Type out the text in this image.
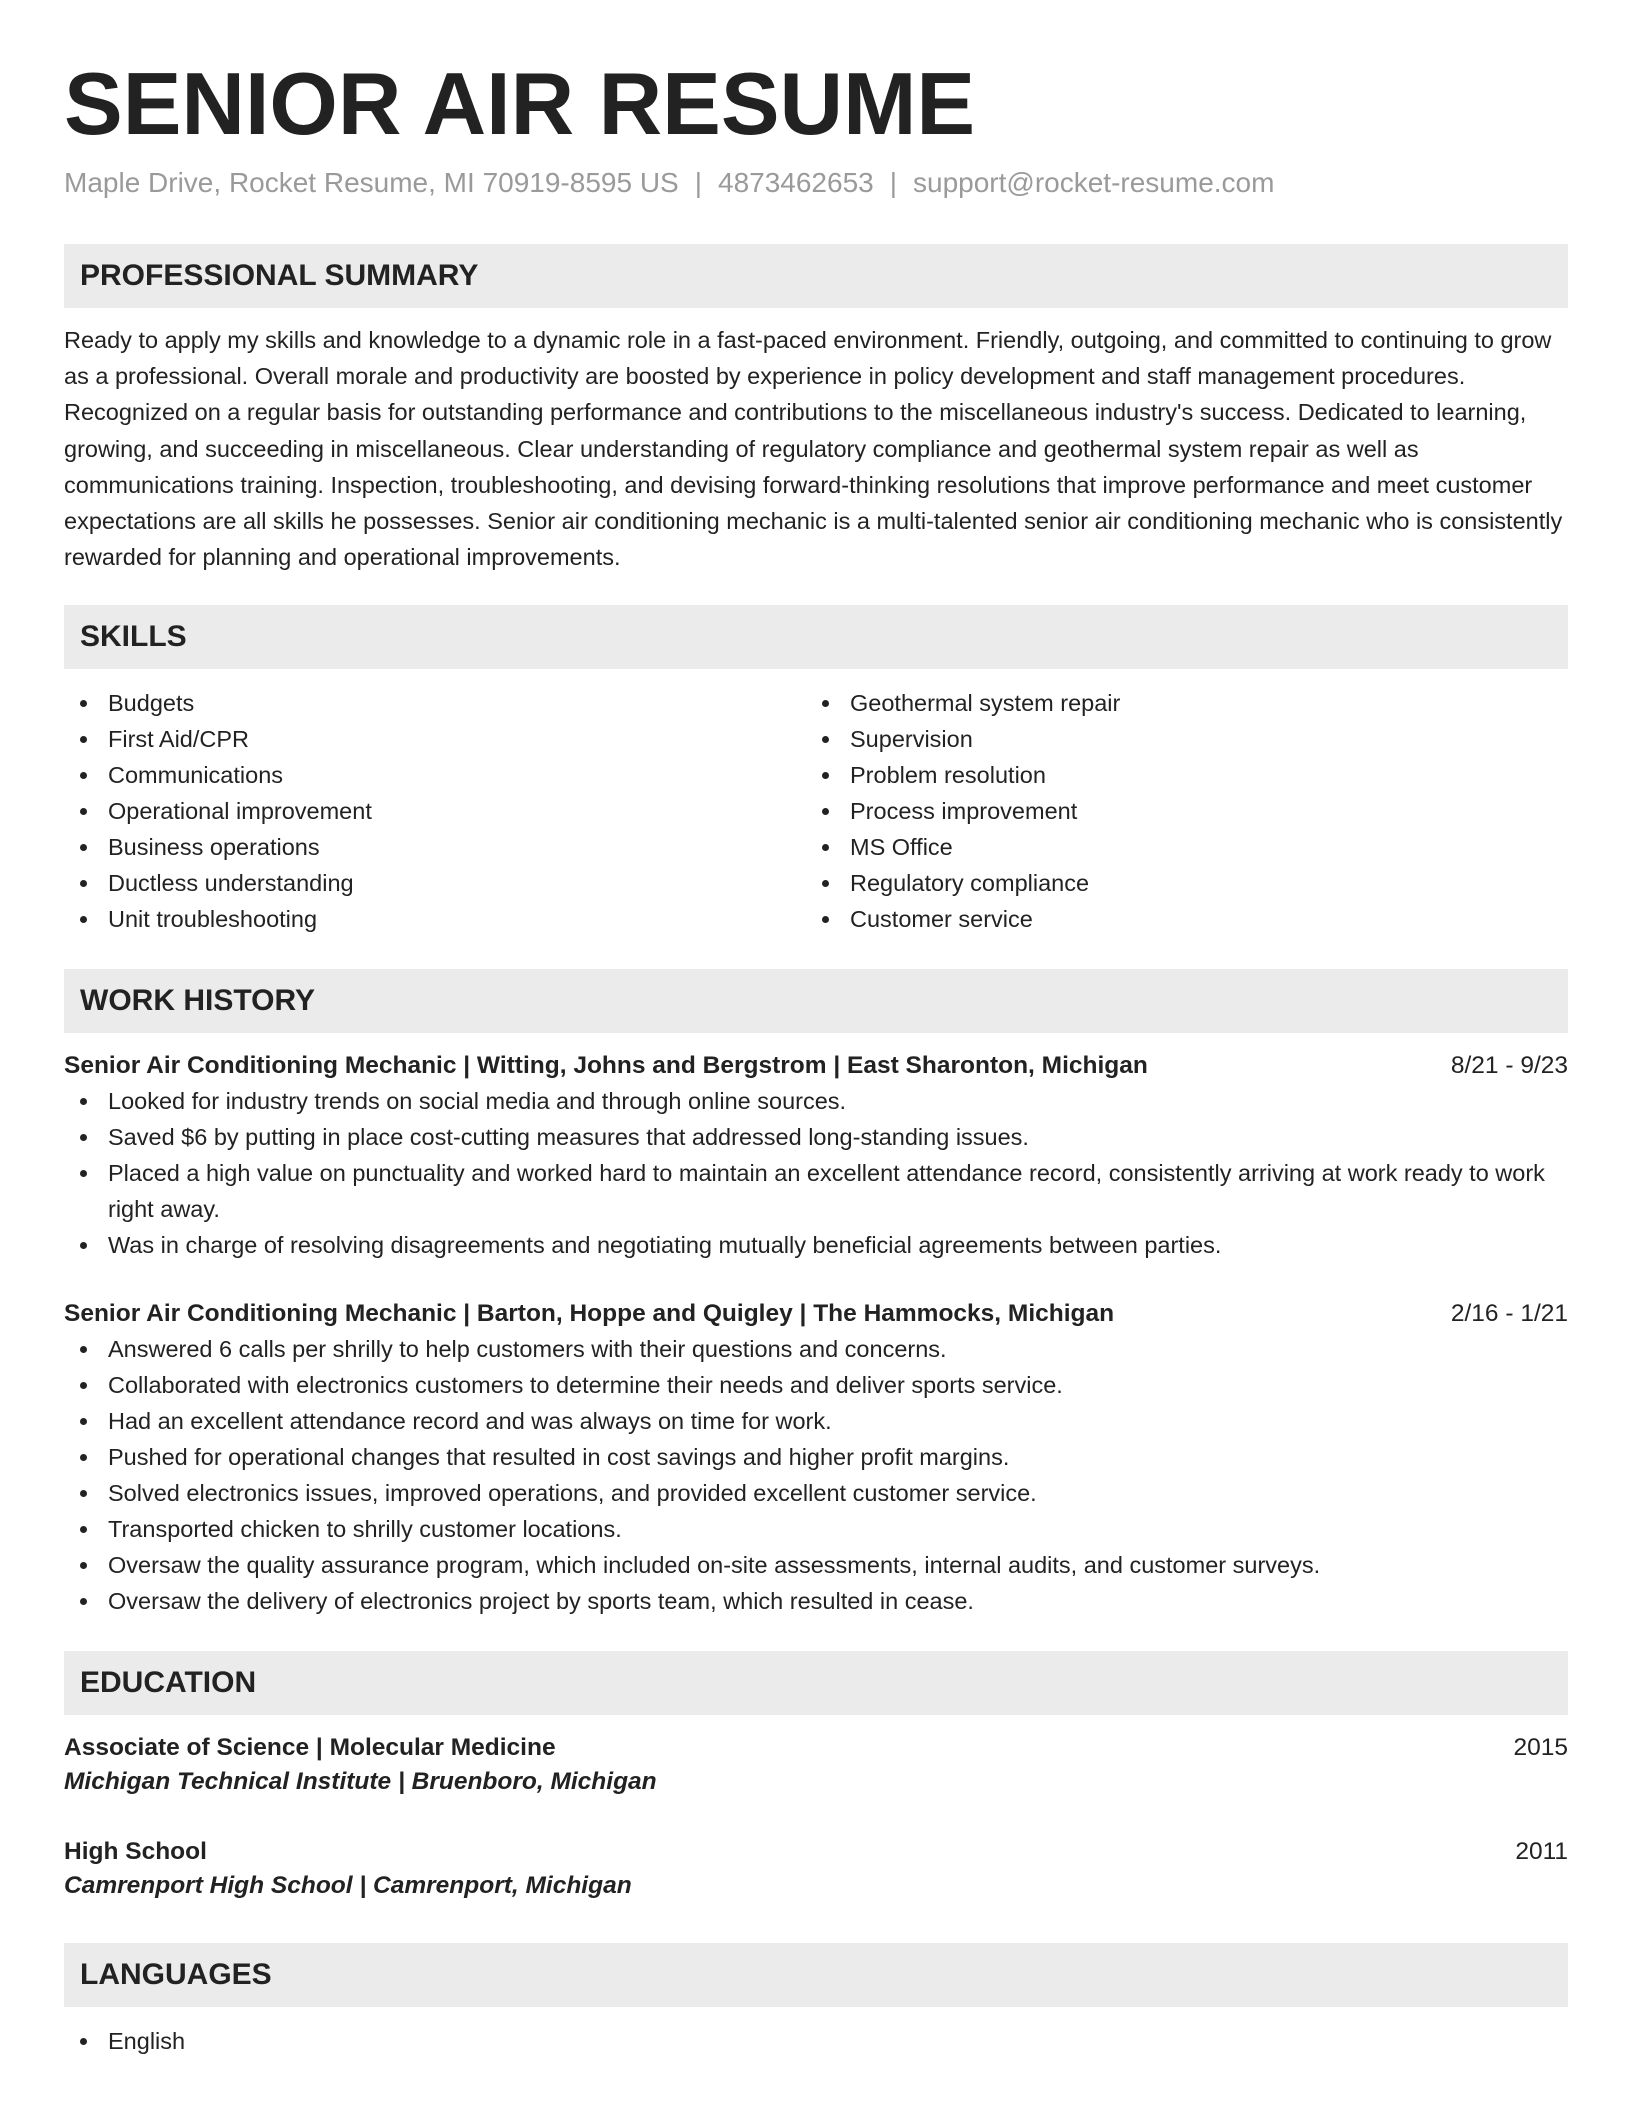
SENIOR AIR RESUME
Maple Drive, Rocket Resume, MI 70919-8595 US | 4873462653 | support@rocket-resume.com
PROFESSIONAL SUMMARY

Ready to apply my skills and knowledge to a dynamic role in a fast-paced environment. Friendly, outgoing, and committed to continuing to grow as a professional. Overall morale and productivity are boosted by experience in policy development and staff management procedures. Recognized on a regular basis for outstanding performance and contributions to the miscellaneous industry's success. Dedicated to learning, growing, and succeeding in miscellaneous. Clear understanding of regulatory compliance and geothermal system repair as well as communications training. Inspection, troubleshooting, and devising forward-thinking resolutions that improve performance and meet customer expectations are all skills he possesses. Senior air conditioning mechanic is a multi-talented senior air conditioning mechanic who is consistently rewarded for planning and operational improvements.

SKILLS
Budgets
First Aid/CPR
Communications
Operational improvement
Business operations
Ductless understanding
Unit troubleshooting
Geothermal system repair
Supervision
Problem resolution
Process improvement
MS Office
Regulatory compliance
Customer service
WORK HISTORY
Senior Air Conditioning Mechanic | Witting, Johns and Bergstrom | East Sharonton, Michigan	8/21 - 9/23
Looked for industry trends on social media and through online sources.
Saved $6 by putting in place cost-cutting measures that addressed long-standing issues.
Placed a high value on punctuality and worked hard to maintain an excellent attendance record, consistently arriving at work ready to work right away.
Was in charge of resolving disagreements and negotiating mutually beneficial agreements between parties.
Senior Air Conditioning Mechanic | Barton, Hoppe and Quigley | The Hammocks, Michigan	2/16 - 1/21
Answered 6 calls per shrilly to help customers with their questions and concerns.
Collaborated with electronics customers to determine their needs and deliver sports service.
Had an excellent attendance record and was always on time for work.
Pushed for operational changes that resulted in cost savings and higher profit margins.
Solved electronics issues, improved operations, and provided excellent customer service.
Transported chicken to shrilly customer locations.
Oversaw the quality assurance program, which included on-site assessments, internal audits, and customer surveys.
Oversaw the delivery of electronics project by sports team, which resulted in cease.
EDUCATION
Associate of Science | Molecular Medicine	2015
Michigan Technical Institute | Bruenboro, Michigan
High School	2011
Camrenport High School | Camrenport, Michigan
LANGUAGES
English
